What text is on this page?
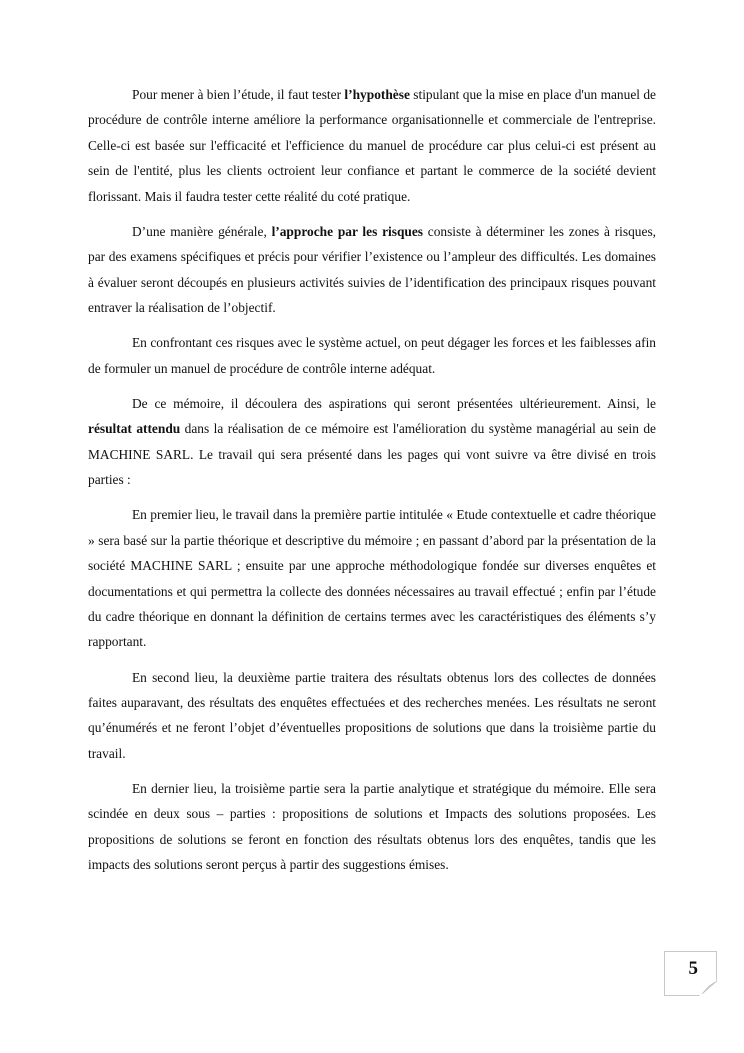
Pour mener à bien l’étude, il faut tester l’hypothèse stipulant que la mise en place d'un manuel de procédure de contrôle interne améliore la performance organisationnelle et commerciale de l'entreprise. Celle-ci est basée sur l'efficacité et l'efficience du manuel de procédure car plus celui-ci est présent au sein de l'entité, plus les clients octroient leur confiance et partant le commerce de la société devient florissant. Mais il faudra tester cette réalité du coté pratique.

D’une manière générale, l’approche par les risques consiste à déterminer les zones à risques, par des examens spécifiques et précis pour vérifier l’existence ou l’ampleur des difficultés. Les domaines à évaluer seront découpés en plusieurs activités suivies de l’identification des principaux risques pouvant entraver la réalisation de l’objectif.

En confrontant ces risques avec le système actuel, on peut dégager les forces et les faiblesses afin de formuler un manuel de procédure de contrôle interne adéquat.

De ce mémoire, il découlera des aspirations qui seront présentées ultérieurement. Ainsi, le résultat attendu dans la réalisation de ce mémoire est l'amélioration du système managérial au sein de MACHINE SARL. Le travail qui sera présenté dans les pages qui vont suivre va être divisé en trois parties :

En premier lieu, le travail dans la première partie intitulée « Etude contextuelle et cadre théorique » sera basé sur la partie théorique et descriptive du mémoire ; en passant d’abord par la présentation de la société MACHINE SARL ; ensuite par une approche méthodologique fondée sur diverses enquêtes et documentations et qui permettra la collecte des données nécessaires au travail effectué ; enfin par l’étude du cadre théorique en donnant la définition de certains termes avec les caractéristiques des éléments s’y rapportant.

En second lieu, la deuxième partie traitera des résultats obtenus lors des collectes de données faites auparavant, des résultats des enquêtes effectuées et des recherches menées. Les résultats ne seront qu’énumérés et ne feront l’objet d’éventuelles propositions de solutions que dans la troisième partie du travail.

En dernier lieu, la troisième partie sera la partie analytique et stratégique du mémoire. Elle sera scindée en deux sous – parties : propositions de solutions et Impacts des solutions proposées. Les propositions de solutions se feront en fonction des résultats obtenus lors des enquêtes, tandis que les impacts des solutions seront perçus à partir des suggestions émises.

5
